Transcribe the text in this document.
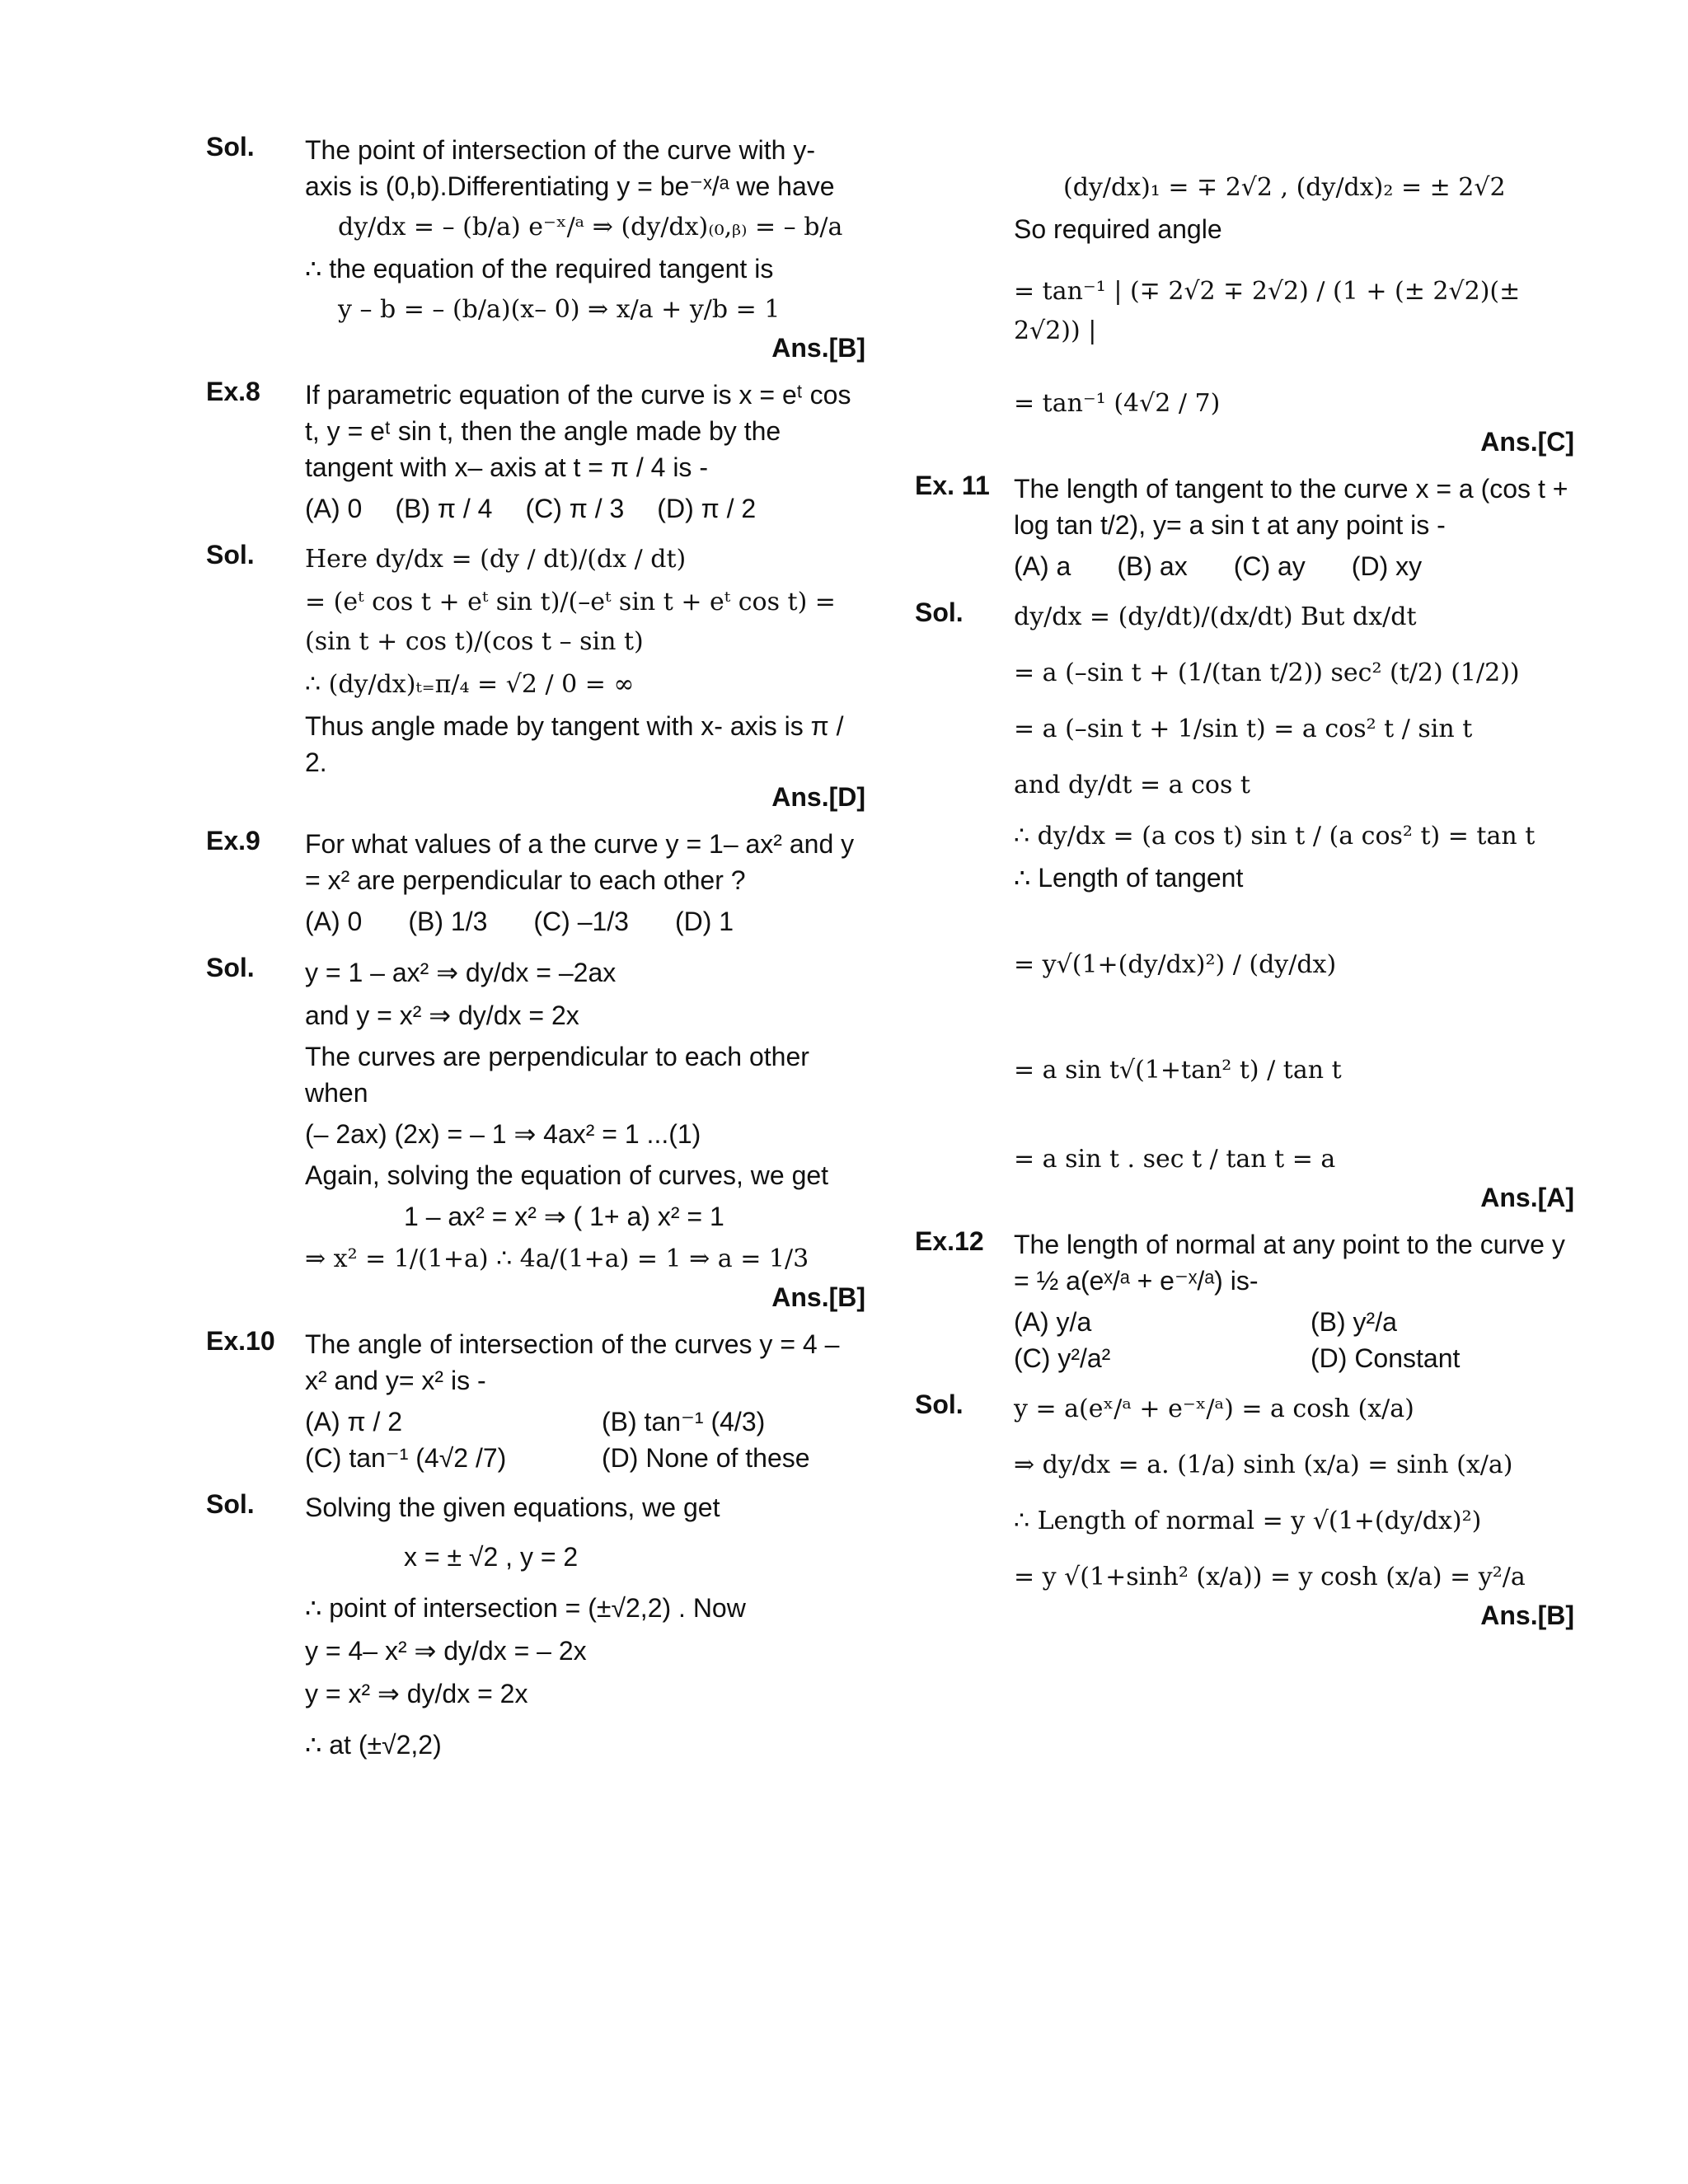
Sol. The point of intersection of the curve with y- axis is (0,b).Differentiating y = be⁻ˣ/ᵃ we have
dy/dx = – (b/a) e⁻ˣ/ᵃ ⇒ (dy/dx)₍₀,ᵦ₎ = – b/a
∴ the equation of the required tangent is
y – b = – (b/a)(x– 0) ⇒ x/a + y/b = 1
Ans.[B]
Ex.8 If parametric equation of the curve is x = eᵗ cos t, y = eᵗ sin t, then the angle made by the tangent with x– axis at t = π / 4 is -
(A) 0 (B) π / 4 (C) π / 3 (D) π / 2
Sol. Here dy/dx = (dy / dt)/(dx / dt)
= (eᵗ cos t + eᵗ sin t)/(–eᵗ sin t + eᵗ cos t) = (sin t + cos t)/(cos t – sin t)
∴ (dy/dx)ₜ₌π/₄ = √2 / 0 = ∞
Thus angle made by tangent with x- axis is π / 2.
Ans.[D]
Ex.9 For what values of a the curve y = 1– ax² and y = x² are perpendicular to each other ?
(A) 0 (B) 1/3 (C) –1/3 (D) 1
Sol. y = 1 – ax² ⇒ dy/dx = –2ax
and y = x² ⇒ dy/dx = 2x
The curves are perpendicular to each other when
(– 2ax) (2x) = – 1 ⇒ 4ax² = 1 ...(1)
Again, solving the equation of curves, we get
1 – ax² = x² ⇒ ( 1+ a) x² = 1
⇒ x² = 1/(1+a) ∴ 4a/(1+a) = 1 ⇒ a = 1/3
Ans.[B]
Ex.10 The angle of intersection of the curves y = 4 – x² and y= x² is -
(A) π / 2	(B) tan⁻¹ (4/3)
(C) tan⁻¹ (4√2 /7)	(D) None of these
Sol. Solving the given equations, we get
x = ± √2 , y = 2
∴ point of intersection = (±√2,2) . Now
y = 4– x² ⇒ dy/dx = – 2x
y = x² ⇒ dy/dx = 2x
∴ at (±√2,2)
(dy/dx)₁ = ∓ 2√2 , (dy/dx)₂ = ± 2√2
So required angle
= tan⁻¹ | (∓ 2√2 ∓ 2√2) / (1 + (± 2√2)(± 2√2)) |
= tan⁻¹ (4√2 / 7)
Ans.[C]
Ex. 11 The length of tangent to the curve x = a (cos t + log tan t/2), y= a sin t at any point is -
(A) a (B) ax (C) ay (D) xy
Sol. dy/dx = (dy/dt)/(dx/dt) But dx/dt
= a (–sin t + (1/(tan t/2)) sec² (t/2) (1/2))
= a (–sin t + 1/sin t) = a cos² t / sin t
and dy/dt = a cos t
∴ dy/dx = (a cos t) sin t / (a cos² t) = tan t
∴ Length of tangent
= y√(1+(dy/dx)²) / (dy/dx)
= a sin t√(1+tan² t) / tan t
= a sin t . sec t / tan t = a
Ans.[A]
Ex.12 The length of normal at any point to the curve y = ½ a(eˣ/ᵃ + e⁻ˣ/ᵃ) is-
(A) y/a	(B) y²/a
(C) y²/a²	(D) Constant
Sol. y = a(eˣ/ᵃ + e⁻ˣ/ᵃ) = a cosh (x/a)
⇒ dy/dx = a. (1/a) sinh (x/a) = sinh (x/a)
∴ Length of normal = y √(1+(dy/dx)²)
= y √(1+sinh² (x/a)) = y cosh (x/a) = y²/a
Ans.[B]
